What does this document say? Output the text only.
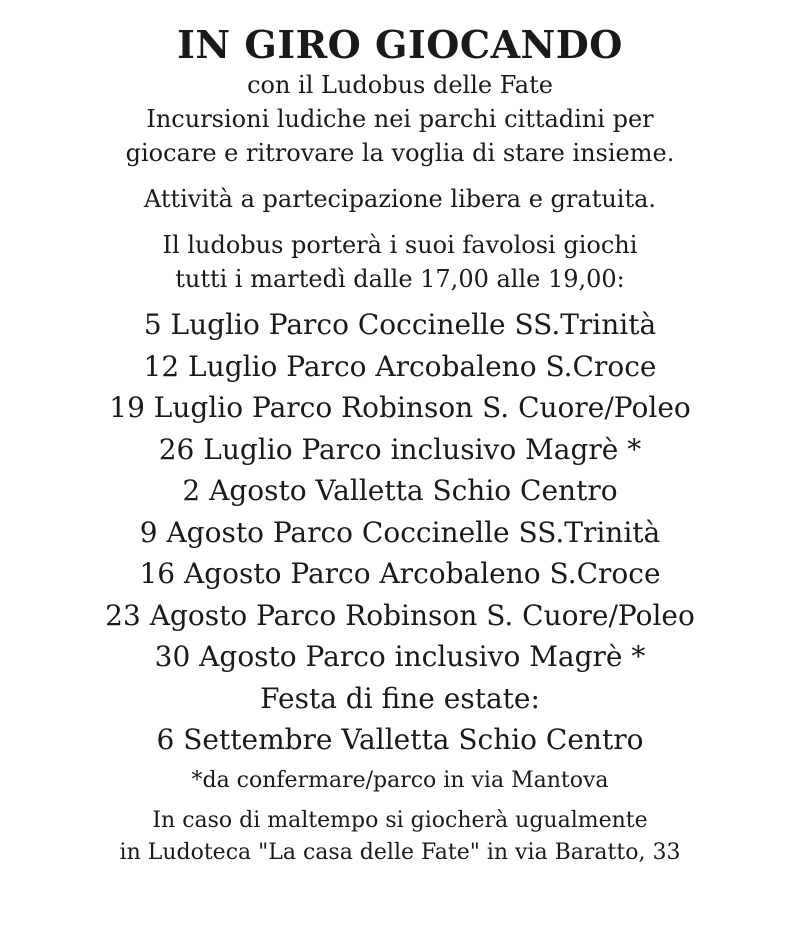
IN GIRO GIOCANDO
con il Ludobus delle Fate
Incursioni ludiche nei parchi cittadini per
giocare e ritrovare la voglia di stare insieme.
Attività a partecipazione libera e gratuita.
Il ludobus porterà i suoi favolosi giochi
tutti i martedì dalle 17,00 alle 19,00:
5 Luglio Parco Coccinelle SS.Trinità
12 Luglio Parco Arcobaleno S.Croce
19 Luglio Parco Robinson S. Cuore/Poleo
26 Luglio Parco inclusivo Magrè *
2 Agosto Valletta Schio Centro
9 Agosto Parco Coccinelle SS.Trinità
16 Agosto Parco Arcobaleno S.Croce
23 Agosto Parco Robinson S. Cuore/Poleo
30 Agosto Parco inclusivo Magrè *
Festa di fine estate:
6 Settembre Valletta Schio Centro
*da confermare/parco in via Mantova
In caso di maltempo si giocherà ugualmente
in Ludoteca "La casa delle Fate" in via Baratto, 33
